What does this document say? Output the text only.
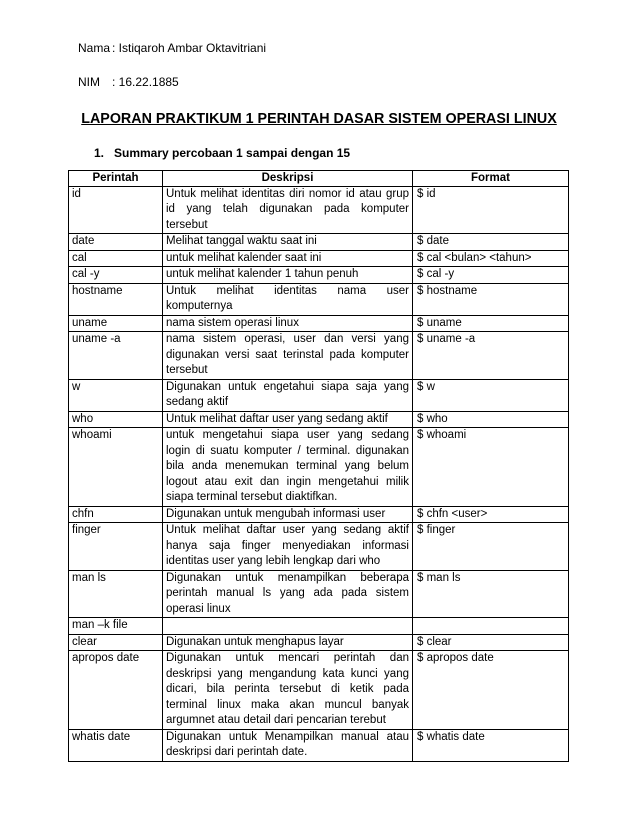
Nama : Istiqaroh Ambar Oktavitriani
NIM : 16.22.1885
LAPORAN PRAKTIKUM 1 PERINTAH DASAR SISTEM OPERASI LINUX
1. Summary percobaan 1 sampai dengan 15
Perintah	Deskripsi	Format
id	Untuk melihat identitas diri nomor id atau grup id yang telah digunakan pada komputer tersebut	$ id
date	Melihat tanggal waktu saat ini	$ date
cal	untuk melihat kalender saat ini	$ cal <bulan> <tahun>
cal -y	untuk melihat kalender 1 tahun penuh	$ cal -y
hostname	Untuk melihat identitas nama user komputernya	$ hostname
uname	nama sistem operasi linux	$ uname
uname -a	nama sistem operasi, user dan versi yang digunakan versi saat terinstal pada komputer tersebut	$ uname -a
w	Digunakan untuk engetahui siapa saja yang sedang aktif	$ w
who	Untuk melihat daftar user yang sedang aktif	$ who
whoami	untuk mengetahui siapa user yang sedang login di suatu komputer / terminal. digunakan bila anda menemukan terminal yang belum logout atau exit dan ingin mengetahui milik siapa terminal tersebut diaktifkan.	$ whoami
chfn	Digunakan untuk mengubah informasi user	$ chfn <user>
finger	Untuk melihat daftar user yang sedang aktif hanya saja finger menyediakan informasi identitas user yang lebih lengkap dari who	$ finger
man ls	Digunakan untuk menampilkan beberapa perintah manual ls yang ada pada sistem operasi linux	$ man ls
man –k file		
clear	Digunakan untuk menghapus layar	$ clear
apropos date	Digunakan untuk mencari perintah dan deskripsi yang mengandung kata kunci yang dicari, bila perinta tersebut di ketik pada terminal linux maka akan muncul banyak argumnet atau detail dari pencarian terebut	$ apropos date
whatis date	Digunakan untuk Menampilkan manual atau deskripsi dari perintah date.	$ whatis date
